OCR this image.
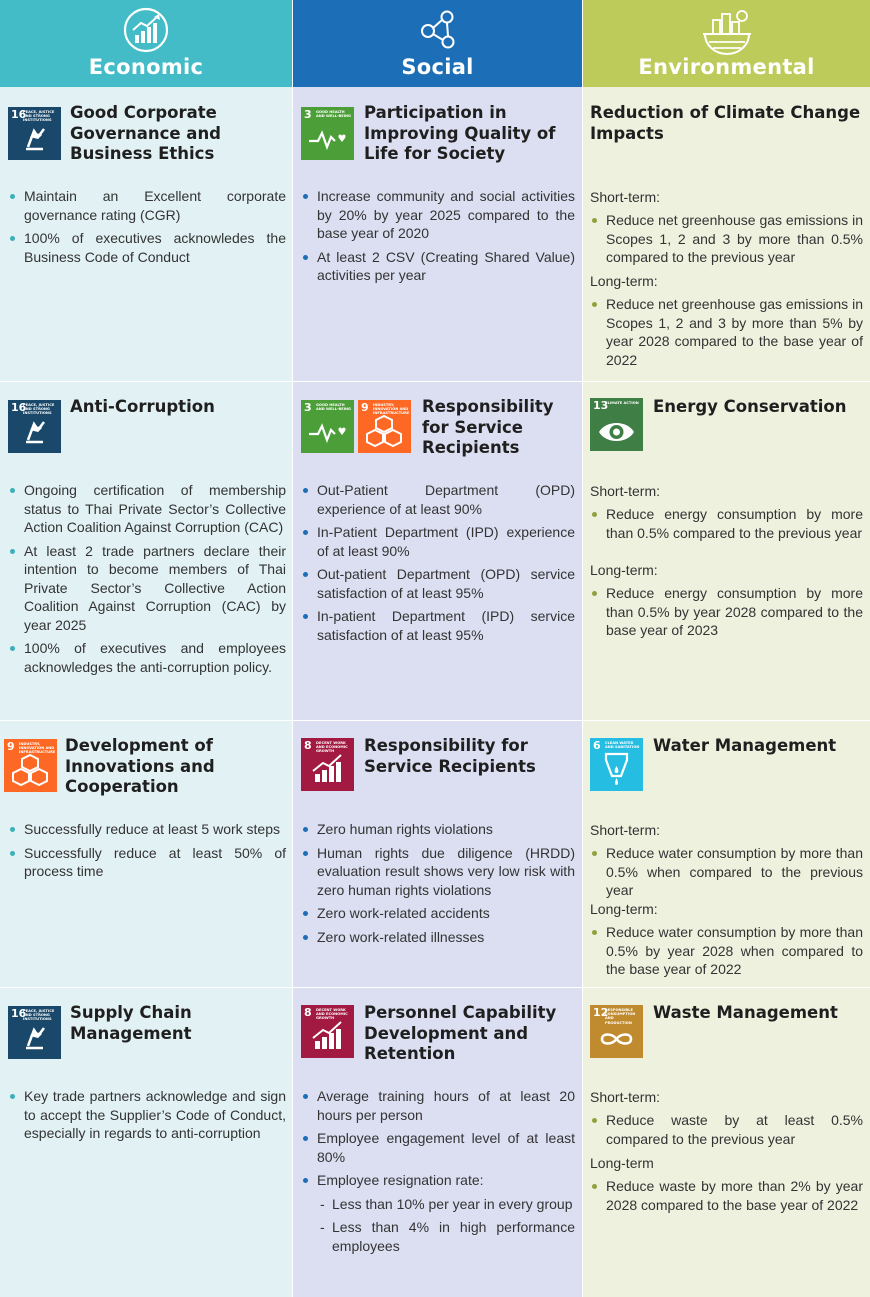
Economic	Social	Environmental
16
PEACE, JUSTICE AND STRONG INSTITUTIONS	Good Corporate Governance and Business Ethics
Maintain an Excellent corporate governance rating (CGR)
100% of executives acknowledes the Business Code of Conduct
3 GOOD HEALTH AND WELL-BEING Participation in Improving Quality of Life for Society
Increase community and social activities by 20% by year 2025 compared to the base year of 2020
At least 2 CSV (Creating Shared Value) activities per year
Reduction of Climate Change Impacts
Short-term:
Reduce net greenhouse gas emissions in Scopes 1, 2 and 3 by more than 0.5% compared to the previous year
Long-term:
Reduce net greenhouse gas emissions in Scopes 1, 2 and 3 by more than 5% by year 2028 compared to the base year of 2022
16
PEACE, JUSTICE AND STRONG INSTITUTIONS	Anti-Corruption
Ongoing certification of membership status to Thai Private Sector’s Collective Action Coalition Against Corruption (CAC)
At least 2 trade partners declare their intention to become members of Thai Private Sector’s Collective Action Coalition Against Corruption (CAC) by year 2025
100% of executives and employees acknowledges the anti-corruption policy.
3 GOOD HEALTH AND WELL-BEING 9 INDUSTRY, INNOVATION AND INFRASTRUCTURE Responsibility for Service Recipients
Out-Patient Department (OPD) experience of at least 90%
In-Patient Department (IPD) experience of at least 90%
Out-patient Department (OPD) service satisfaction of at least 95%
In-patient Department (IPD) service satisfaction of at least 95%
13
CLIMATE ACTION Energy Conservation
Short-term:
Reduce energy consumption by more than 0.5% compared to the previous year
Long-term:
Reduce energy consumption by more than 0.5% by year 2028 compared to the base year of 2023
9 INDUSTRY, INNOVATION AND INFRASTRUCTURE Development of Innovations and Cooperation
Successfully reduce at least 5 work steps
Successfully reduce at least 50% of process time
8 DECENT WORK AND ECONOMIC GROWTH	Responsibility for Service Recipients
Zero human rights violations
Human rights due diligence (HRDD) evaluation result shows very low risk with zero human rights violations
Zero work-related accidents
Zero work-related illnesses
6 CLEAN WATER AND SANITATION Water Management
Short-term:
Reduce water consumption by more than 0.5% when compared to the previous year
Long-term:
Reduce water consumption by more than 0.5% by year 2028 when compared to the base year of 2022
16
PEACE, JUSTICE AND STRONG INSTITUTIONS	Supply Chain Management
Key trade partners acknowledge and sign to accept the Supplier’s Code of Conduct, especially in regards to anti-corruption
8 DECENT WORK AND ECONOMIC GROWTH	Personnel Capability Development and Retention
Average training hours of at least 20 hours per person
Employee engagement level of at least 80%
Employee resignation rate:
- Less than 10% per year in every group
- Less than 4% in high performance employees
12
RESPONSIBLE CONSUMPTION AND PRODUCTION
Waste Management
Short-term:
Reduce waste by at least 0.5% compared to the previous year
Long-term
Reduce waste by more than 2% by year 2028 compared to the base year of 2022
